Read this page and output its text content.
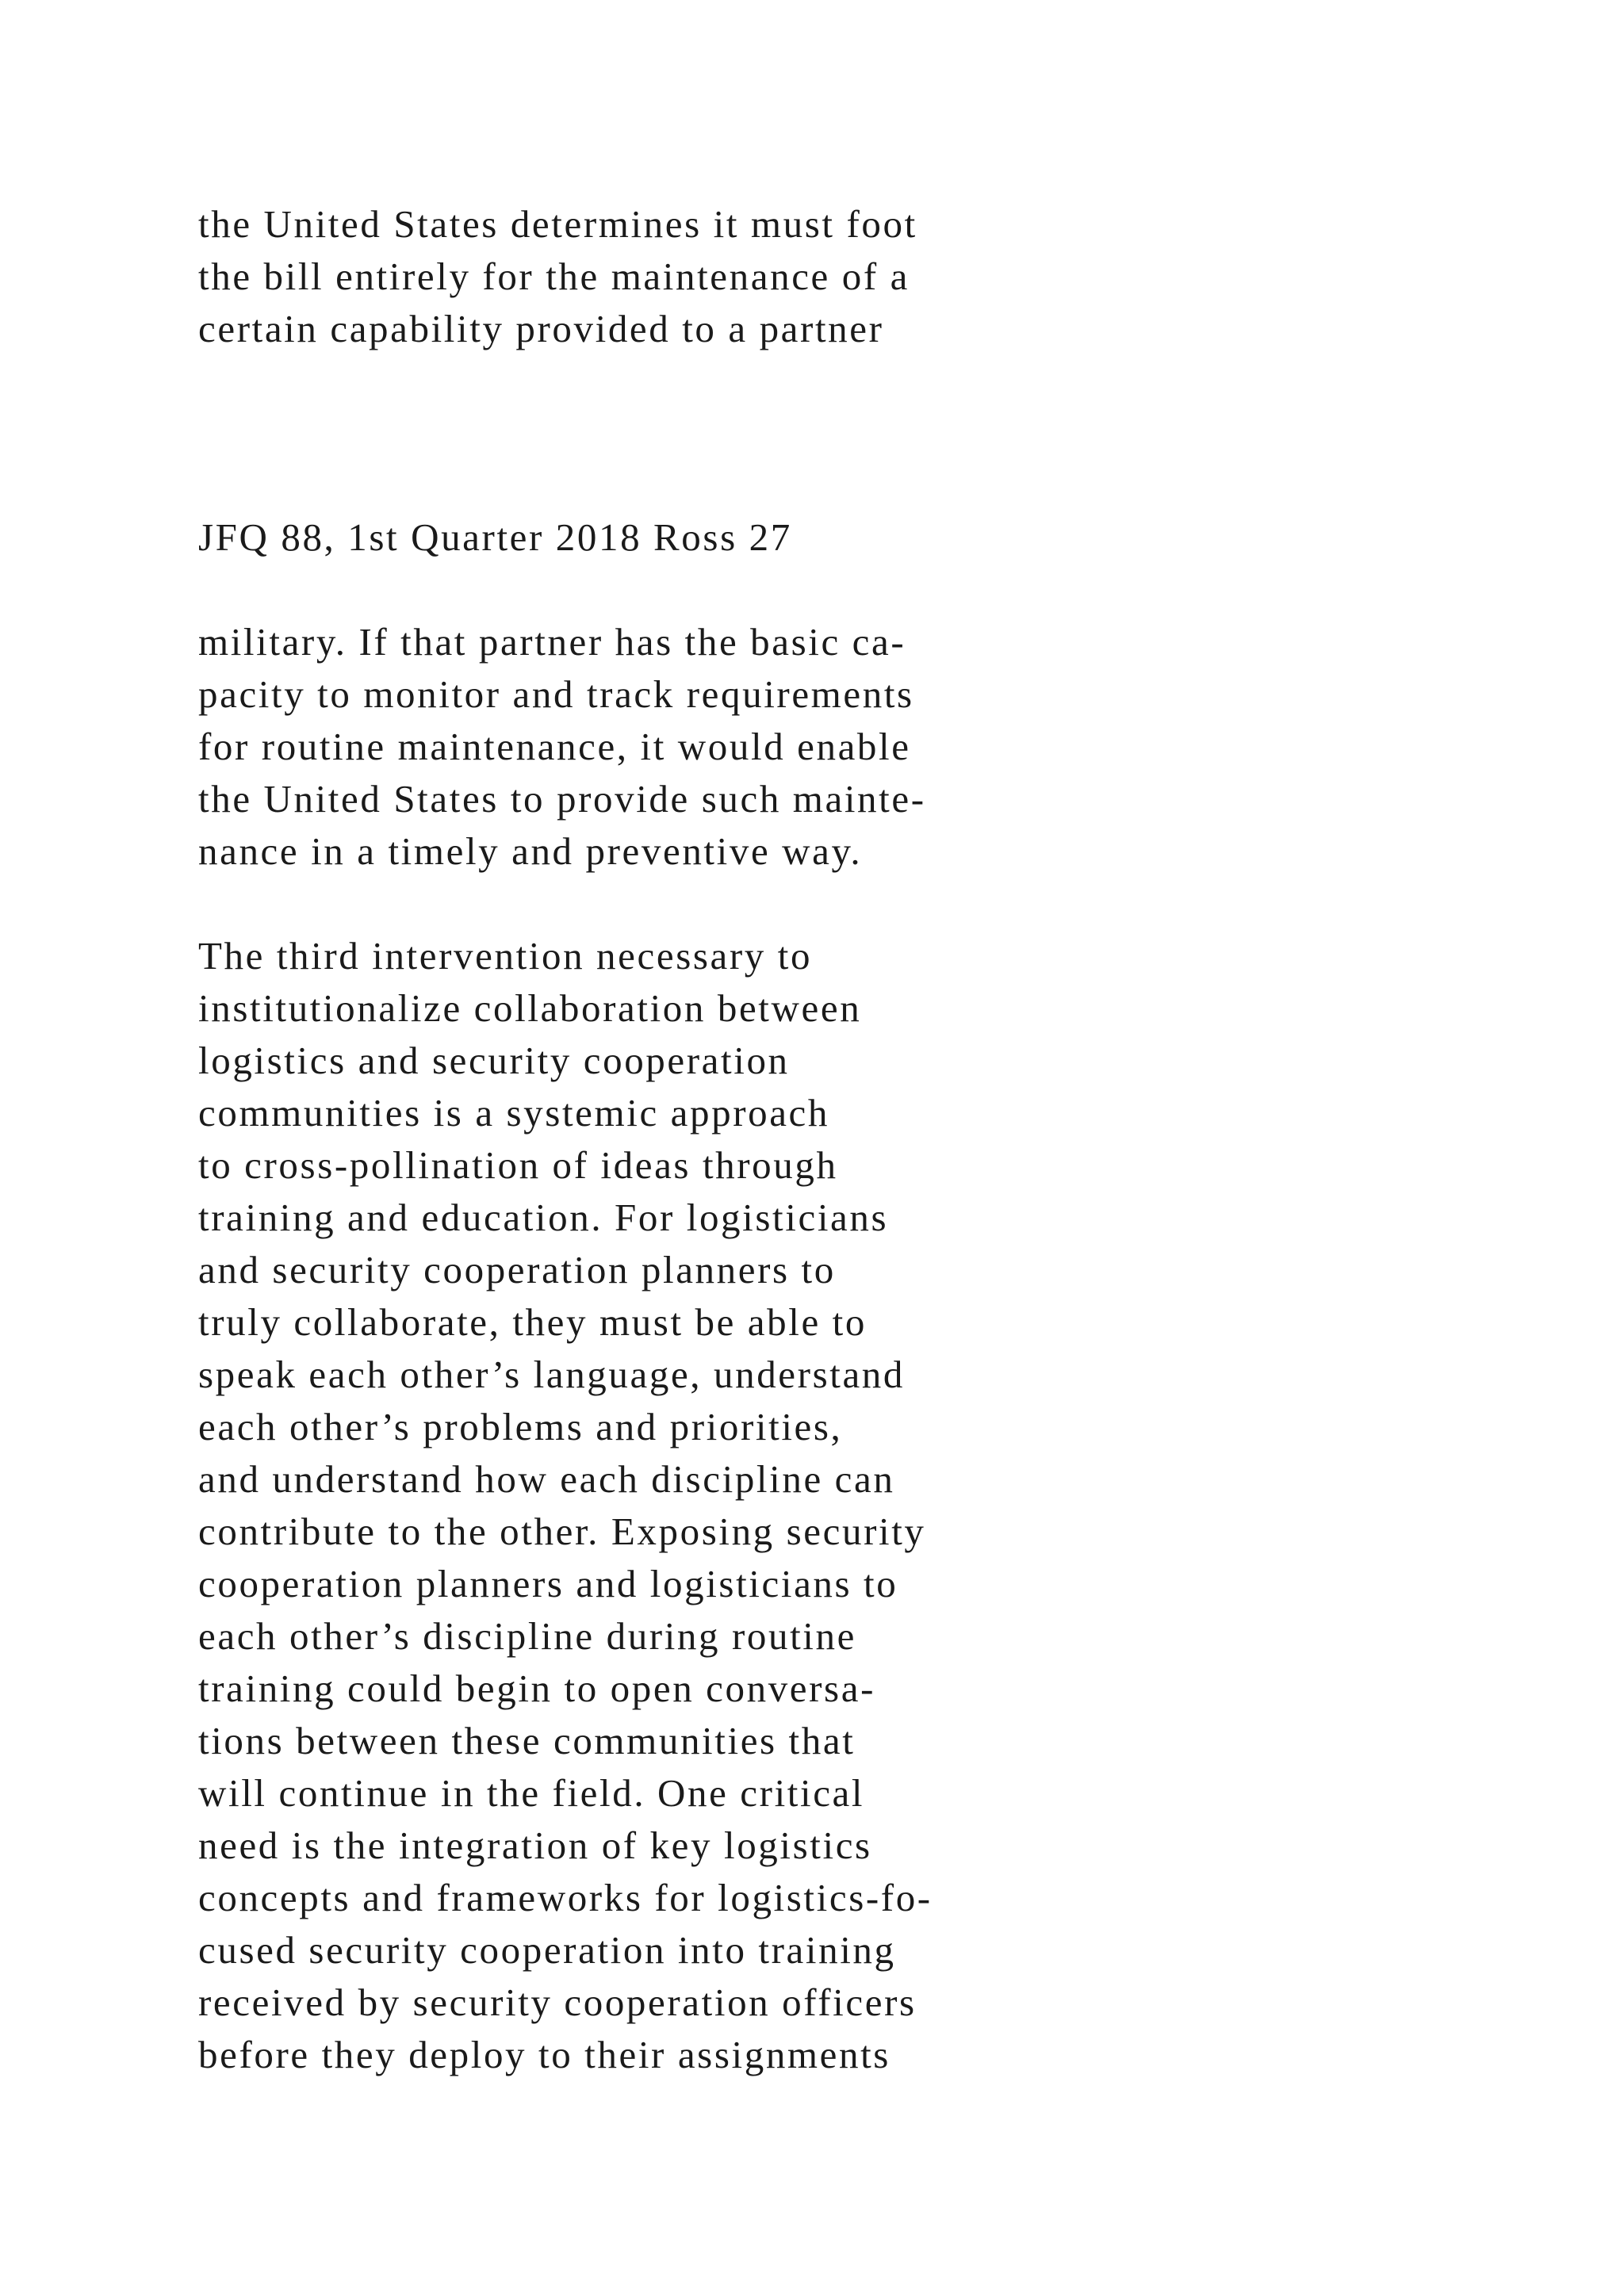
the United States determines it must foot

the bill entirely for the maintenance of a

certain capability provided to a partner

JFQ 88, 1st Quarter 2018 Ross 27

military. If that partner has the basic ca-

pacity to monitor and track requirements

for routine maintenance, it would enable

the United States to provide such mainte-

nance in a timely and preventive way.

The third intervention necessary to

institutionalize collaboration between

logistics and security cooperation

communities is a systemic approach

to cross-pollination of ideas through

training and education. For logisticians

and security cooperation planners to

truly collaborate, they must be able to

speak each other’s language, understand

each other’s problems and priorities,

and understand how each discipline can

contribute to the other. Exposing security

cooperation planners and logisticians to

each other’s discipline during routine

training could begin to open conversa-

tions between these communities that

will continue in the field. One critical

need is the integration of key logistics

concepts and frameworks for logistics-fo-

cused security cooperation into training

received by security cooperation officers

before they deploy to their assignments
